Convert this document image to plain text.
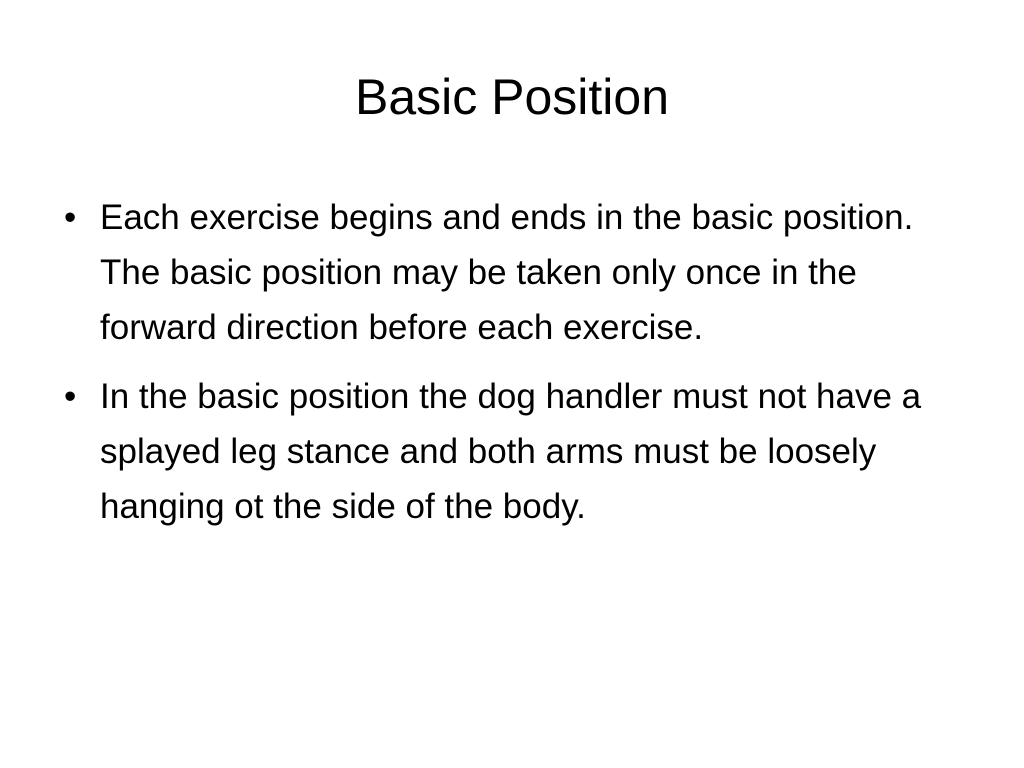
Basic Position
• Each exercise begins and ends in the basic position. The basic position may be taken only once in the forward direction before each exercise.
• In the basic position the dog handler must not have a splayed leg stance and both arms must be loosely hanging ot the side of the body.
